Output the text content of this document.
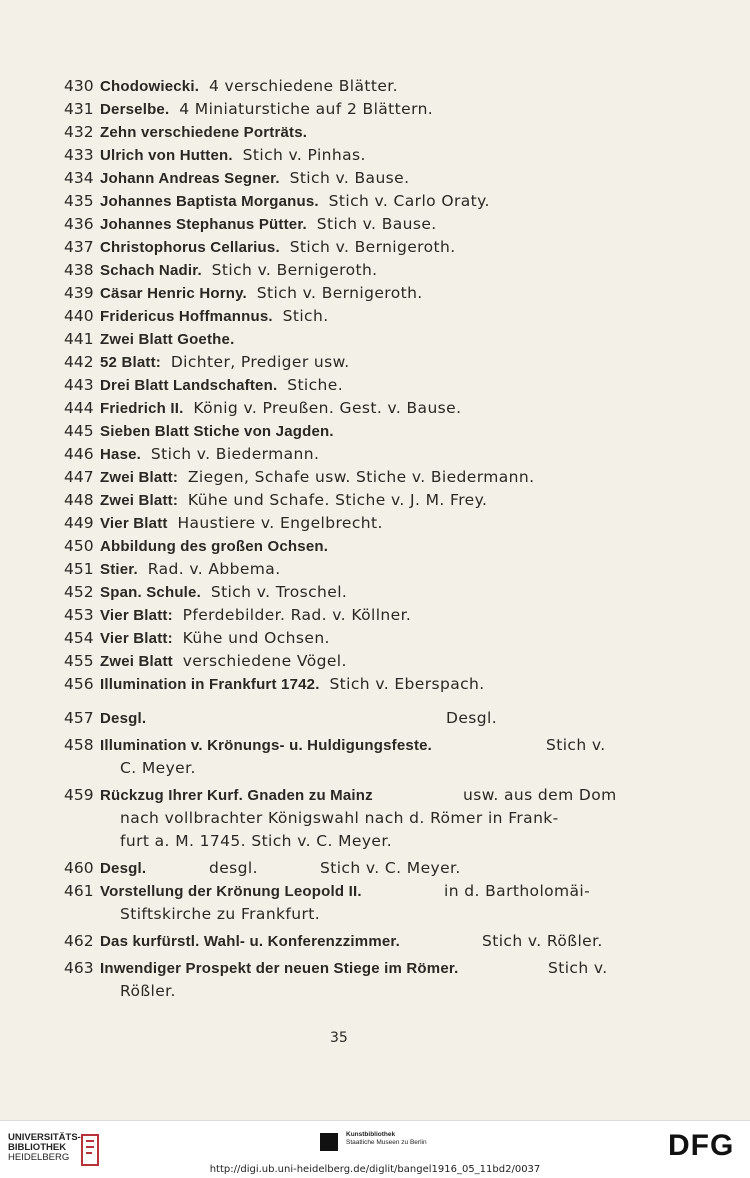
430 Chodowiecki. 4 verschiedene Blätter.
431 Derselbe. 4 Miniaturstiche auf 2 Blättern.
432 Zehn verschiedene Porträts.
433 Ulrich von Hutten. Stich v. Pinhas.
434 Johann Andreas Segner. Stich v. Bause.
435 Johannes Baptista Morganus. Stich v. Carlo Oraty.
436 Johannes Stephanus Pütter. Stich v. Bause.
437 Christophorus Cellarius. Stich v. Bernigeroth.
438 Schach Nadir. Stich v. Bernigeroth.
439 Cäsar Henric Horny. Stich v. Bernigeroth.
440 Fridericus Hoffmannus. Stich.
441 Zwei Blatt Goethe.
442 52 Blatt: Dichter, Prediger usw.
443 Drei Blatt Landschaften. Stiche.
444 Friedrich II. König v. Preußen. Gest. v. Bause.
445 Sieben Blatt Stiche von Jagden.
446 Hase. Stich v. Biedermann.
447 Zwei Blatt: Ziegen, Schafe usw. Stiche v. Biedermann.
448 Zwei Blatt: Kühe und Schafe. Stiche v. J. M. Frey.
449 Vier Blatt Haustiere v. Engelbrecht.
450 Abbildung des großen Ochsen.
451 Stier. Rad. v. Abbema.
452 Span. Schule. Stich v. Troschel.
453 Vier Blatt: Pferdebilder. Rad. v. Köllner.
454 Vier Blatt: Kühe und Ochsen.
455 Zwei Blatt verschiedene Vögel.
456 Illumination in Frankfurt 1742. Stich v. Eberspach.
457 Desgl.	Desgl.
458 Illumination v. Krönungs- u. Huldigungsfeste.	Stich v.
C. Meyer.
459 Rückzug Ihrer Kurf. Gnaden zu Mainz	usw. aus dem Dom
nach vollbrachter Königswahl nach d. Römer in Frank-
furt a. M. 1745. Stich v. C. Meyer.
460 Desgl.	desgl.	Stich v. C. Meyer.
461 Vorstellung der Krönung Leopold II.	in d. Bartholomäi-
Stiftskirche zu Frankfurt.
462 Das kurfürstl. Wahl- u. Konferenzzimmer.	Stich v. Rößler.
463 Inwendiger Prospekt der neuen Stiege im Römer.	Stich v.
Rößler.
35
UNIVERSITÄTS-
BIBLIOTHEK
HEIDELBERG
Kunstbibliothek
Staatliche Museen zu Berlin	DFG
http://digi.ub.uni-heidelberg.de/diglit/bangel1916_05_11bd2/0037
